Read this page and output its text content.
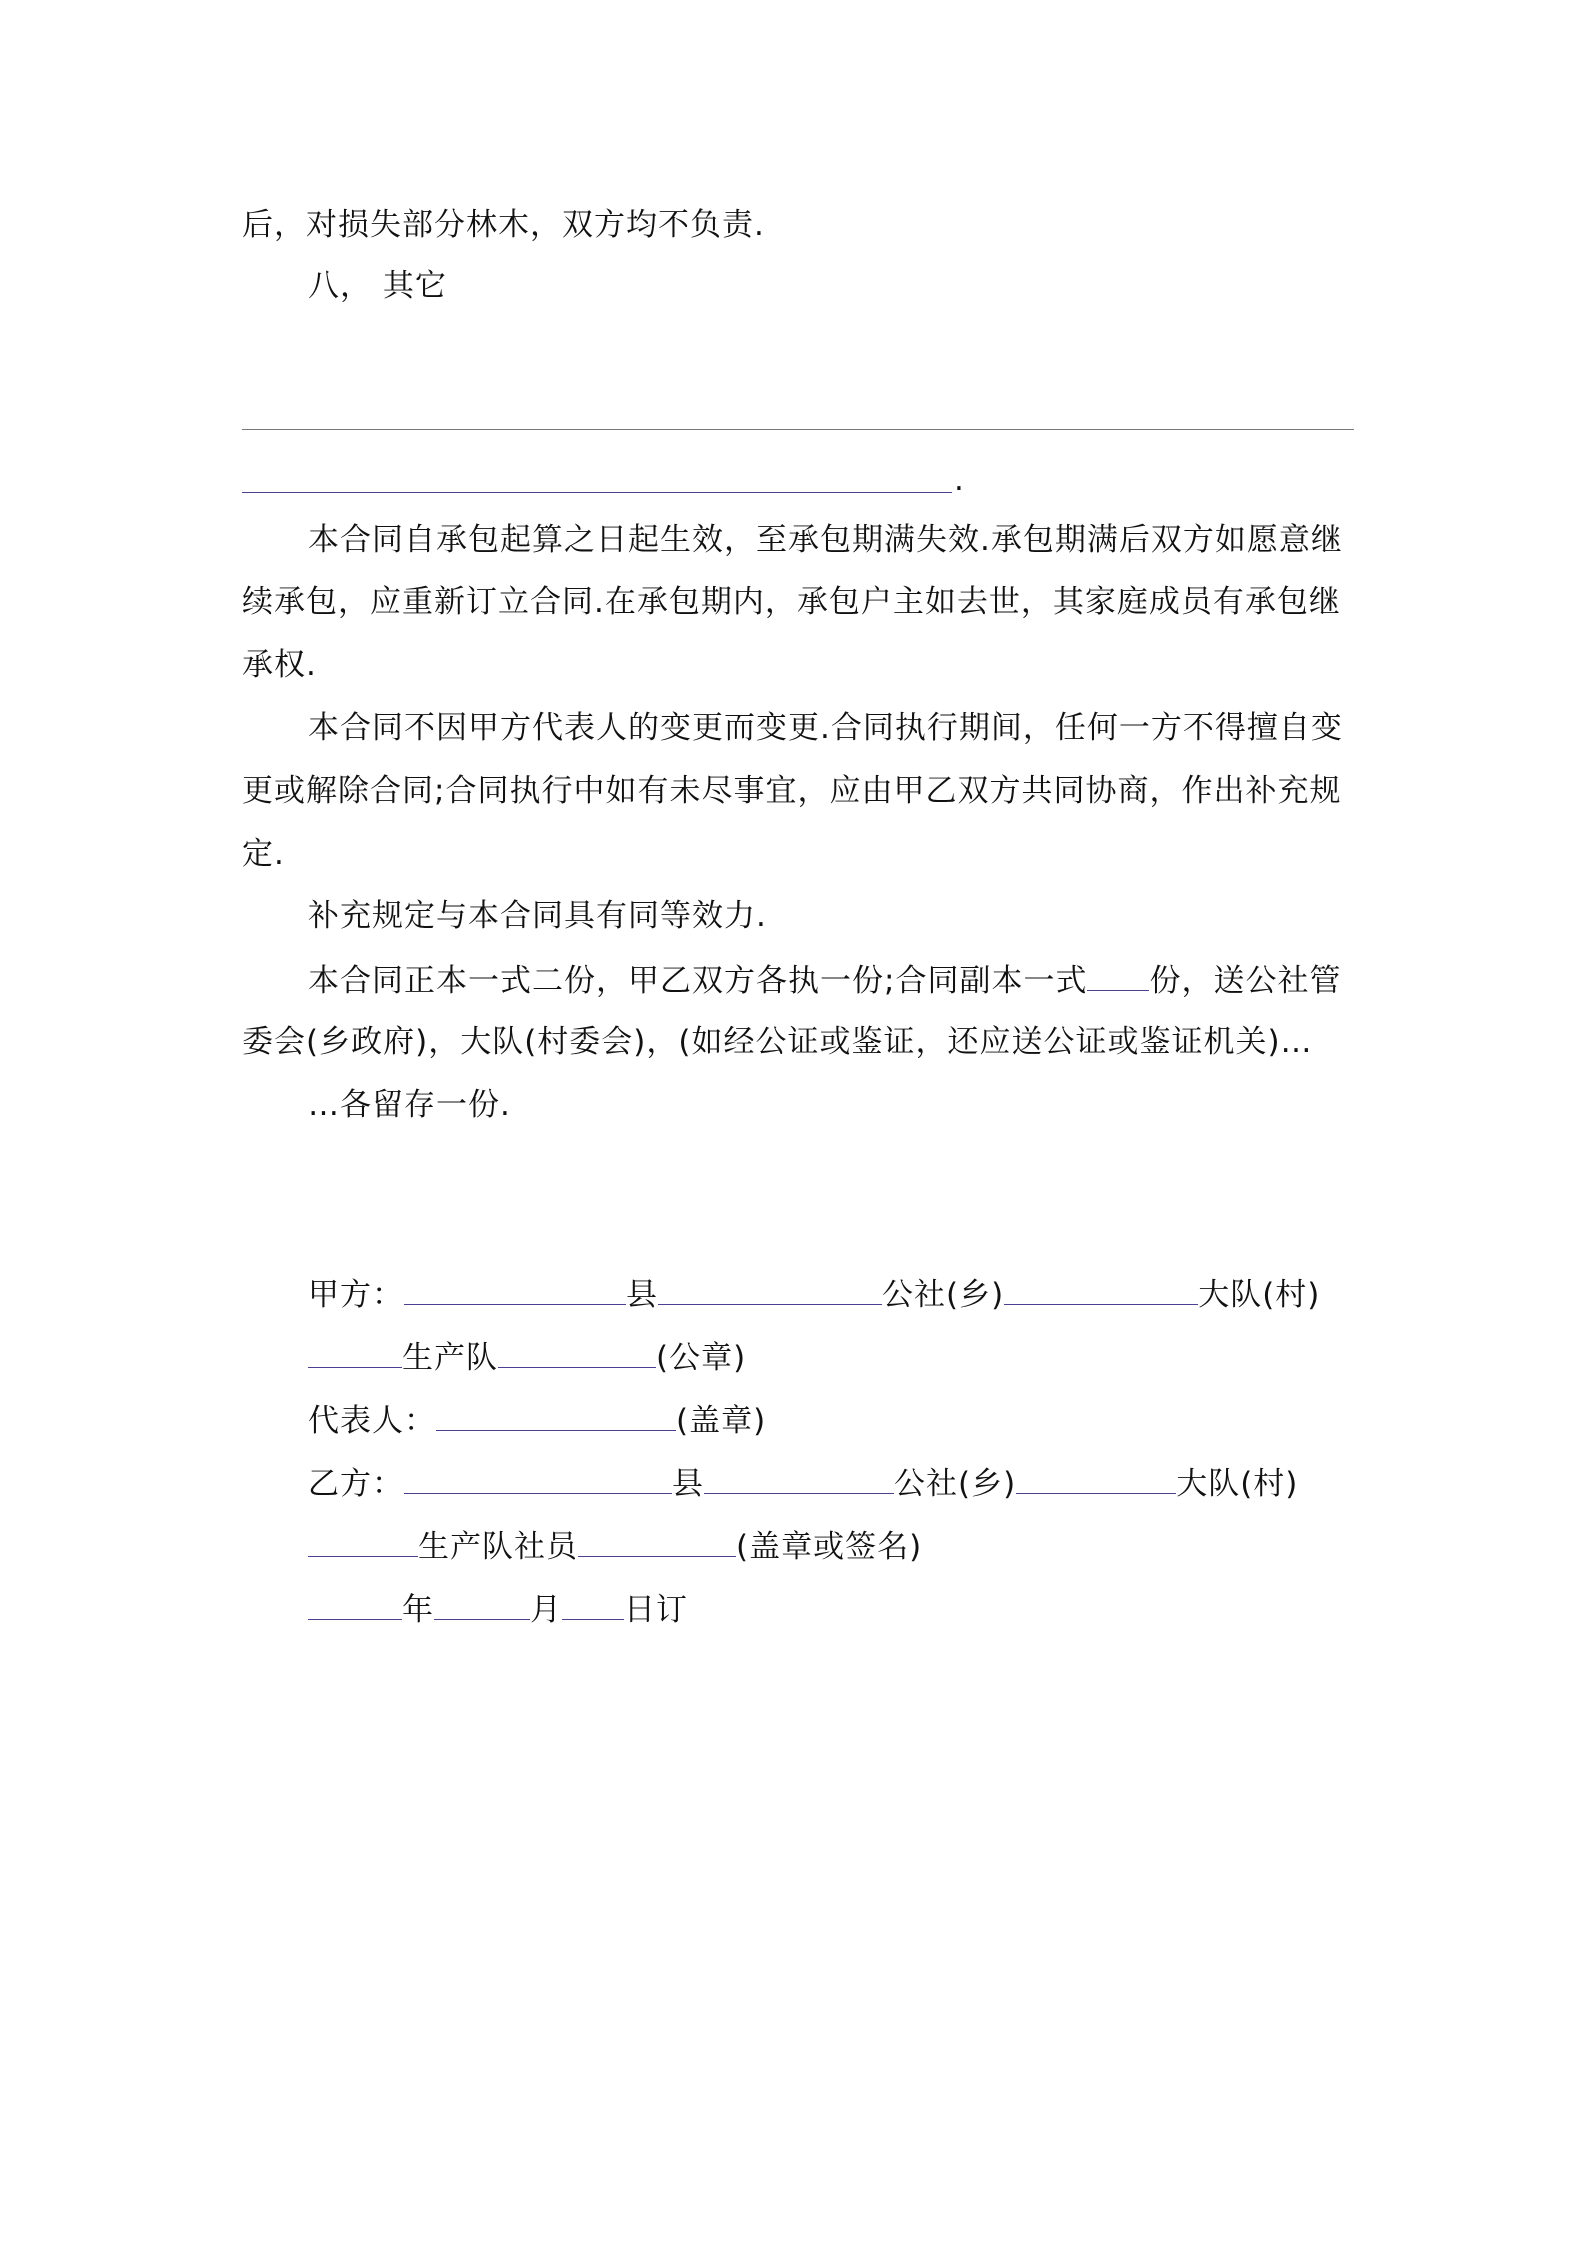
后，对损失部分林木，双方均不负责.
八， 其它
.
本合同自承包起算之日起生效，至承包期满失效.承包期满后双方如愿意继
续承包，应重新订立合同.在承包期内，承包户主如去世，其家庭成员有承包继
承权.
本合同不因甲方代表人的变更而变更.合同执行期间，任何一方不得擅自变
更或解除合同;合同执行中如有未尽事宜，应由甲乙双方共同协商，作出补充规
定.
补充规定与本合同具有同等效力.
本合同正本一式二份，甲乙双方各执一份;合同副本一式 份，送公社管
委会(乡政府)，大队(村委会)，(如经公证或鉴证，还应送公证或鉴证机关)…
…各留存一份.
甲方：	县	公社(乡)	大队(村)
生产队	(公章)
代表人：	(盖章)
乙方：	县	公社(乡)	大队(村)
生产队社员	(盖章或签名)
年	月 日订
